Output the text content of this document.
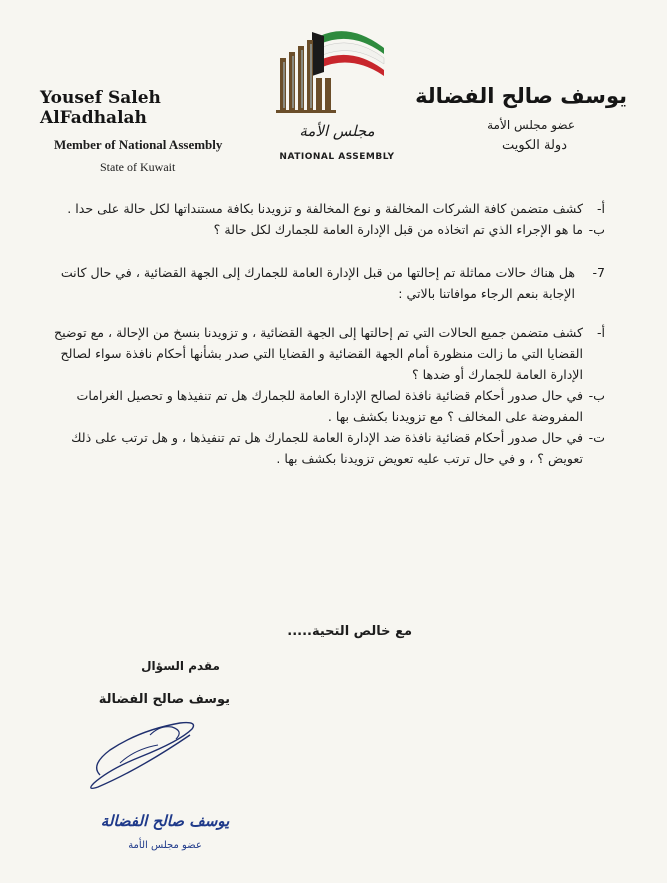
Yousef Saleh AlFadhalah
Member of National Assembly
State of Kuwait
مجلس الأمة
NATIONAL ASSEMBLY
يوسف صالح الفضالة
عضو مجلس الأمة
دولة الكويت
أ-
كشف متضمن كافة الشركات المخالفة و نوع المخالفة و تزويدنا بكافة مستنداتها لكل حالة على حدا .
ب-
ما هو الإجراء الذي تم اتخاذه من قبل الإدارة العامة للجمارك لكل حالة ؟
7-
هل هناك حالات مماثلة تم إحالتها من قبل الإدارة العامة للجمارك إلى الجهة القضائية ، في حال كانت الإجابة بنعم الرجاء موافاتنا بالاتي :
أ-
كشف متضمن جميع الحالات التي تم إحالتها إلى الجهة القضائية ، و تزويدنا بنسخ من الإحالة ، مع توضيح القضايا التي ما زالت منظورة أمام الجهة القضائية و القضايا التي صدر بشأنها أحكام نافذة سواء لصالح الإدارة العامة للجمارك أو ضدها ؟
ب-
في حال صدور أحكام قضائية نافذة لصالح الإدارة العامة للجمارك هل تم تنفيذها و تحصيل الغرامات المفروضة على المخالف ؟ مع تزويدنا بكشف بها .
ت-
في حال صدور أحكام قضائية نافذة ضد الإدارة العامة للجمارك هل تم تنفيذها ، و هل ترتب على ذلك تعويض ؟ ، و في حال ترتب عليه تعويض تزويدنا بكشف بها .
مع خالص التحية.....
مقدم السؤال
يوسف صالح الفضالة
يوسف صالح الفضالة
عضو مجلس الأمة
